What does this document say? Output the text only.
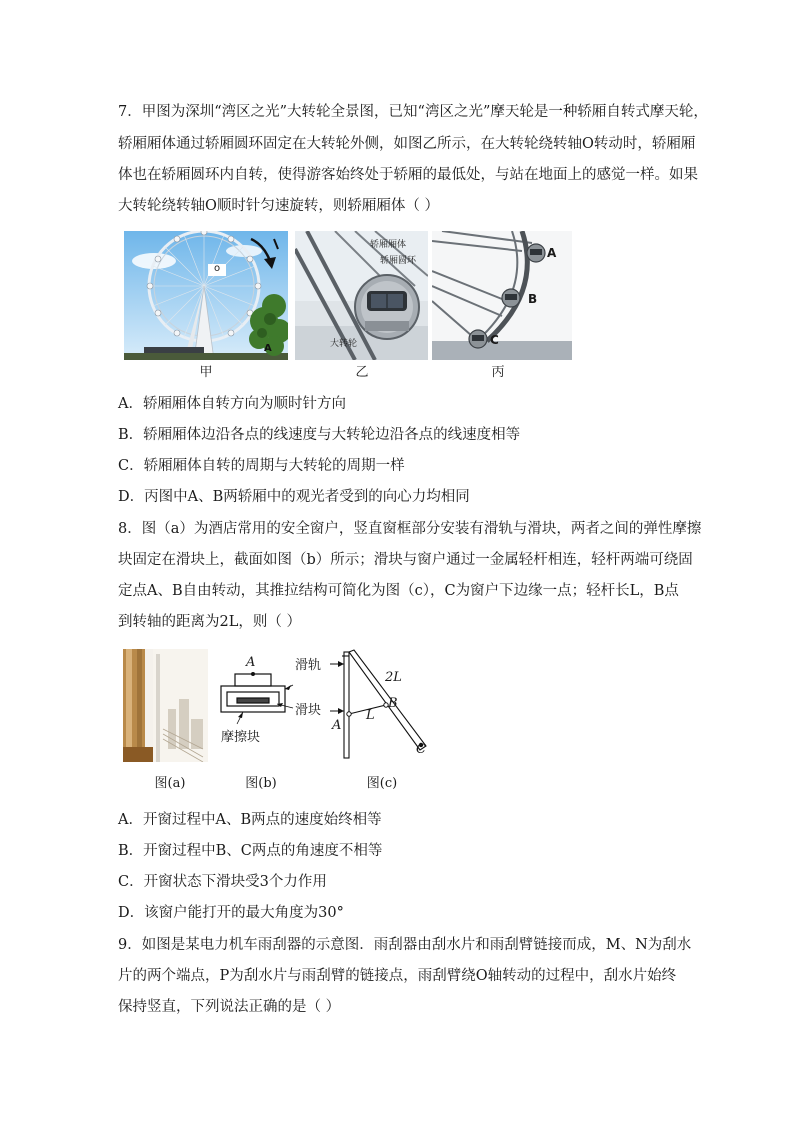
7．甲图为深圳“湾区之光”大转轮全景图，已知“湾区之光”摩天轮是一种轿厢自转式摩天轮，
轿厢厢体通过轿厢圆环固定在大转轮外侧，如图乙所示，在大转轮绕转轴O转动时，轿厢厢
体也在轿厢圆环内自转，使得游客始终处于轿厢的最低处，与站在地面上的感觉一样。如果
大转轮绕转轴O顺时针匀速旋转，则轿厢厢体（ ）
o
A
轿厢厢体
轿厢圆环
大转轮
A
B
C
甲	乙	丙
A．轿厢厢体自转方向为顺时针方向
B．轿厢厢体边沿各点的线速度与大转轮边沿各点的线速度相等
C．轿厢厢体自转的周期与大转轮的周期一样
D．丙图中A、B两轿厢中的观光者受到的向心力均相同
8．图（a）为酒店常用的安全窗户，竖直窗框部分安装有滑轨与滑块，两者之间的弹性摩擦
块固定在滑块上，截面如图（b）所示；滑块与窗户通过一金属轻杆相连，轻杆两端可绕固
定点A、B自由转动，其推拉结构可简化为图（c），C为窗户下边缘一点；轻杆长L，B点
到转轴的距离为2L，则（ ）
A	滑轨
滑块
摩擦块
2L
B
L
A
C
图(a)	图(b)	图(c)
A．开窗过程中A、B两点的速度始终相等
B．开窗过程中B、C两点的角速度不相等
C．开窗状态下滑块受3个力作用
D．该窗户能打开的最大角度为30°
9．如图是某电力机车雨刮器的示意图．雨刮器由刮水片和雨刮臂链接而成，M、N为刮水
片的两个端点，P为刮水片与雨刮臂的链接点，雨刮臂绕O轴转动的过程中，刮水片始终
保持竖直，下列说法正确的是（ ）
